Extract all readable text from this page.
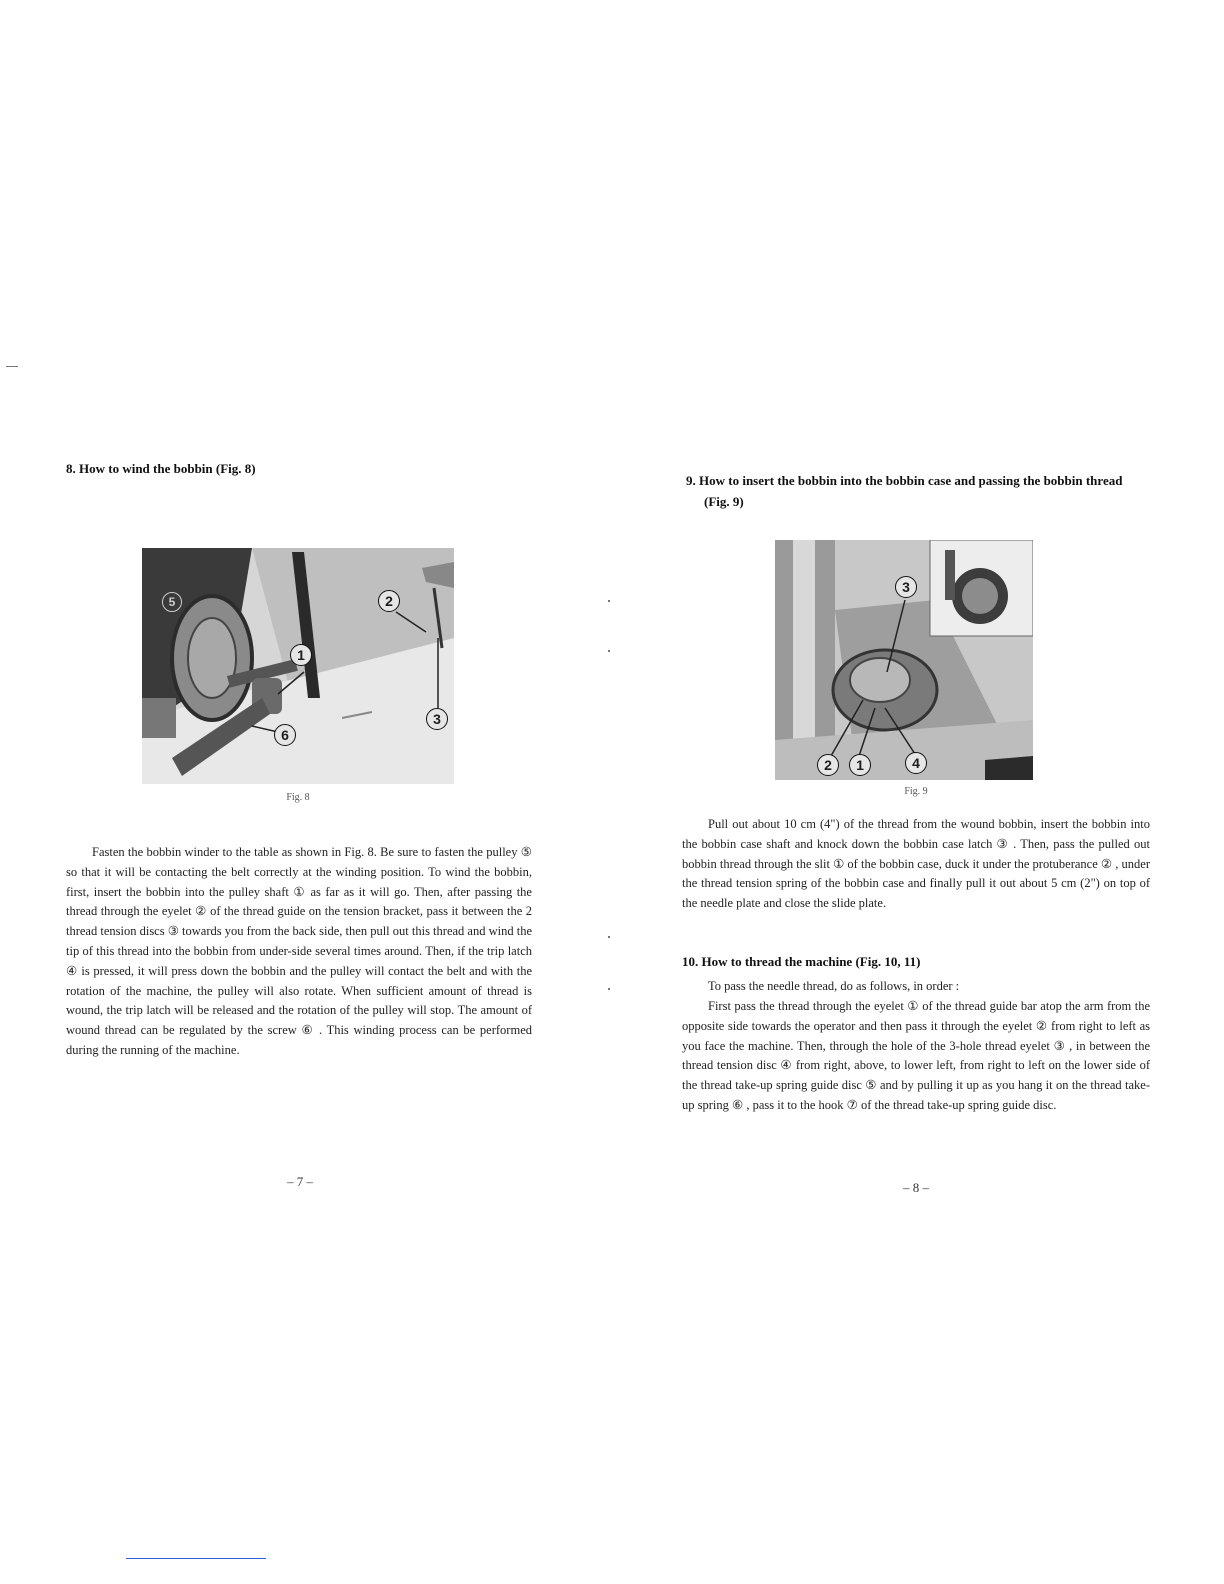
8. How to wind the bobbin (Fig. 8)
2
1
3
6
5
Fig. 8

Fasten the bobbin winder to the table as shown in Fig. 8. Be sure to fasten the pulley ⑤ so that it will be contacting the belt correctly at the winding position. To wind the bobbin, first, insert the bobbin into the pulley shaft ① as far as it will go. Then, after passing the thread through the eyelet ② of the thread guide on the tension bracket, pass it between the 2 thread tension discs ③ towards you from the back side, then pull out this thread and wind the tip of this thread into the bobbin from under-side several times around. Then, if the trip latch ④ is pressed, it will press down the bobbin and the pulley will contact the belt and with the rotation of the machine, the pulley will also rotate. When sufficient amount of thread is wound, the trip latch will be released and the rotation of the pulley will stop. The amount of wound thread can be regulated by the screw ⑥ . This winding process can be performed during the running of the machine.

– 7 –
9. How to insert the bobbin into the bobbin case and passing the bobbin thread
(Fig. 9)
3
2	1	4
Fig. 9

Pull out about 10 cm (4") of the thread from the wound bobbin, insert the bobbin into the bobbin case shaft and knock down the bobbin case latch ③ . Then, pass the pulled out bobbin thread through the slit ① of the bobbin case, duck it under the protuberance ② , under the thread tension spring of the bobbin case and finally pull it out about 5 cm (2") on top of the needle plate and close the slide plate.

10. How to thread the machine (Fig. 10, 11)

To pass the needle thread, do as follows, in order :

First pass the thread through the eyelet ① of the thread guide bar atop the arm from the opposite side towards the operator and then pass it through the eyelet ② from right to left as you face the machine. Then, through the hole of the 3-hole thread eyelet ③ , in between the thread tension disc ④ from right, above, to lower left, from right to left on the lower side of the thread take-up spring guide disc ⑤ and by pulling it up as you hang it on the thread take-up spring ⑥ , pass it to the hook ⑦ of the thread take-up spring guide disc.

– 8 –
